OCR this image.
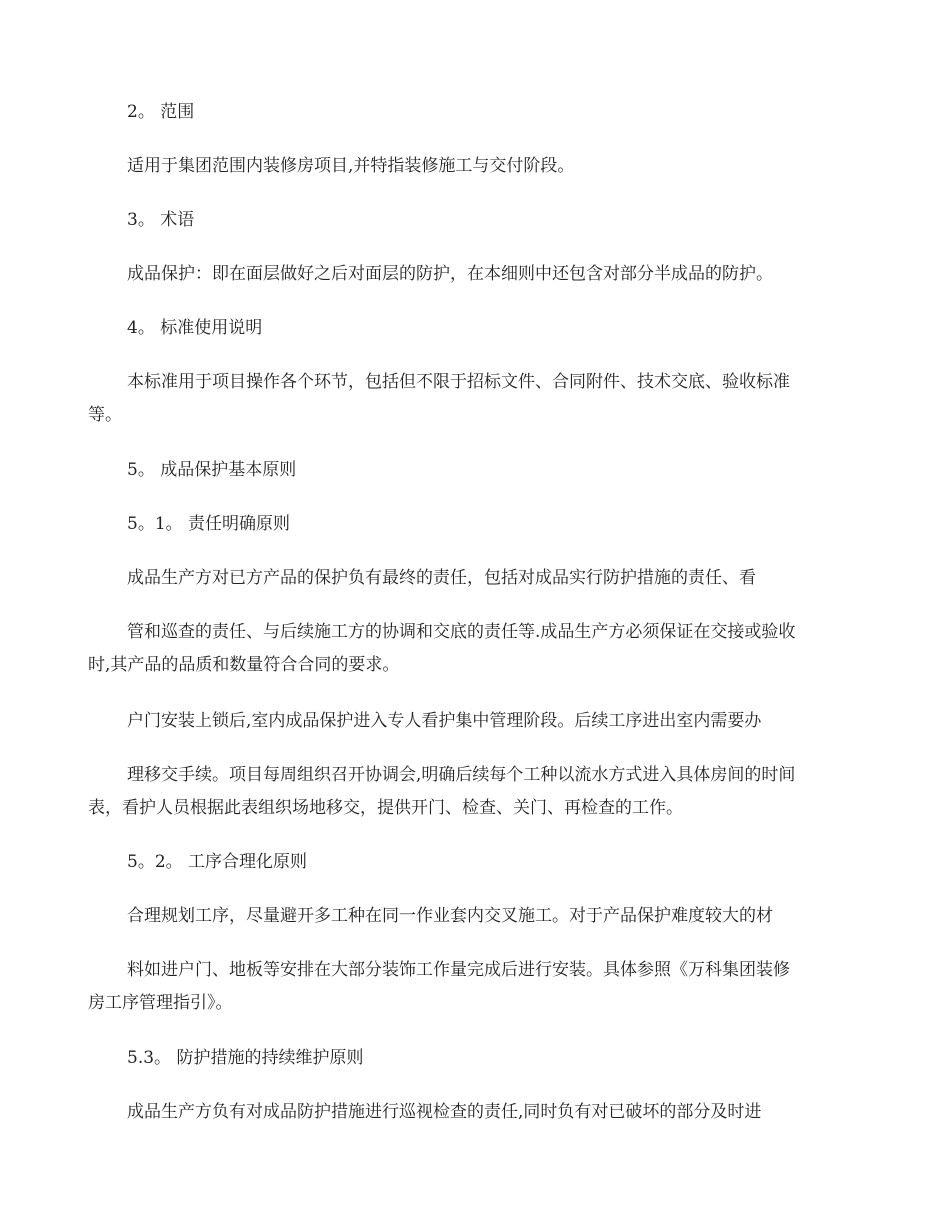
2。 范围
适用于集团范围内装修房项目,并特指装修施工与交付阶段。
3。 术语
成品保护：即在面层做好之后对面层的防护，在本细则中还包含对部分半成品的防护。
4。 标准使用说明
本标准用于项目操作各个环节，包括但不限于招标文件、合同附件、技术交底、验收标准
等。
5。 成品保护基本原则
5。1。 责任明确原则
成品生产方对已方产品的保护负有最终的责任，包括对成品实行防护措施的责任、看
管和巡查的责任、与后续施工方的协调和交底的责任等.成品生产方必须保证在交接或验收
时,其产品的品质和数量符合合同的要求。
户门安装上锁后,室内成品保护进入专人看护集中管理阶段。后续工序进出室内需要办
理移交手续。项目每周组织召开协调会,明确后续每个工种以流水方式进入具体房间的时间
表，看护人员根据此表组织场地移交，提供开门、检查、关门、再检查的工作。
5。2。 工序合理化原则
合理规划工序，尽量避开多工种在同一作业套内交叉施工。对于产品保护难度较大的材
料如进户门、地板等安排在大部分装饰工作量完成后进行安装。具体参照《万科集团装修
房工序管理指引》。
5.3。 防护措施的持续维护原则
成品生产方负有对成品防护措施进行巡视检查的责任,同时负有对已破坏的部分及时进
